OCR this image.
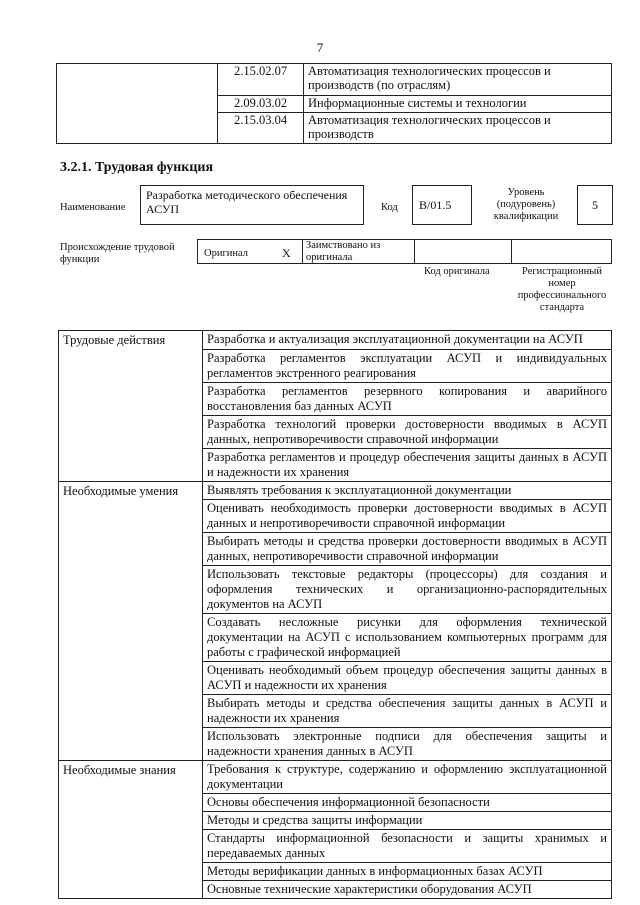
7
	2.15.02.07	Автоматизация технологических процессов и производств (по отраслям)
	2.09.03.02	Информационные системы и технологии
	2.15.03.04	Автоматизация технологических процессов и производств
3.2.1. Трудовая функция
Наименование
Разработка методического обеспечения АСУП	Код	B/01.5
Уровень (подуровень) квалификации
5
Происхождение трудовой функции
Оригинал	X
Заимствовано из оригинала
Код оригинала	Регистрационный номер профессионального стандарта
Трудовые действия	Разработка и актуализация эксплуатационной документации на АСУП
	Разработка регламентов эксплуатации АСУП и индивидуальных регламентов экстренного реагирования
	Разработка регламентов резервного копирования и аварийного восстановления баз данных АСУП
	Разработка технологий проверки достоверности вводимых в АСУП данных, непротиворечивости справочной информации
	Разработка регламентов и процедур обеспечения защиты данных в АСУП и надежности их хранения
Необходимые умения	Выявлять требования к эксплуатационной документации
	Оценивать необходимость проверки достоверности вводимых в АСУП данных и непротиворечивости справочной информации
	Выбирать методы и средства проверки достоверности вводимых в АСУП данных, непротиворечивости справочной информации
	Использовать текстовые редакторы (процессоры) для создания и оформления технических и организационно-распорядительных документов на АСУП
	Создавать несложные рисунки для оформления технической документации на АСУП с использованием компьютерных программ для работы с графической информацией
	Оценивать необходимый объем процедур обеспечения защиты данных в АСУП и надежности их хранения
	Выбирать методы и средства обеспечения защиты данных в АСУП и надежности их хранения
	Использовать электронные подписи для обеспечения защиты и надежности хранения данных в АСУП
Необходимые знания	Требования к структуре, содержанию и оформлению эксплуатационной документации
	Основы обеспечения информационной безопасности
	Методы и средства защиты информации
	Стандарты информационной безопасности и защиты хранимых и передаваемых данных
	Методы верификации данных в информационных базах АСУП
	Основные технические характеристики оборудования АСУП
